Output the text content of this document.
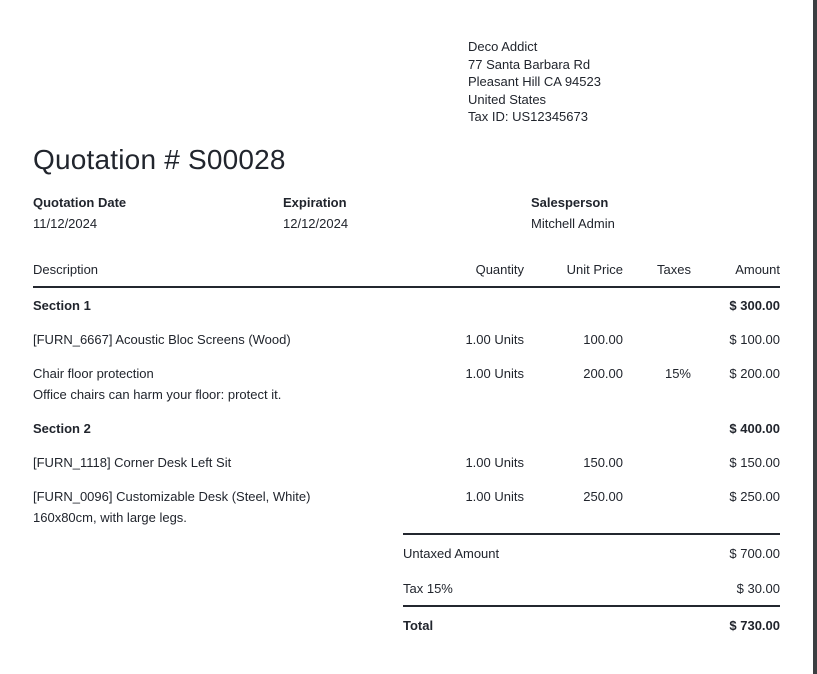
Deco Addict
77 Santa Barbara Rd
Pleasant Hill CA 94523
United States
Tax ID: US12345673
Quotation # S00028
Quotation Date
11/12/2024
Expiration
12/12/2024
Salesperson
Mitchell Admin
Description	Quantity	Unit Price	Taxes	Amount
Section 1				$ 300.00

[FURN_6667] Acoustic Bloc Screens (Wood)	1.00 Units	100.00		$ 100.00

Chair floor protection
Office chairs can harm your floor: protect it.	1.00 Units	200.00	15%	$ 200.00
Section 2				$ 400.00

[FURN_1118] Corner Desk Left Sit	1.00 Units	150.00		$ 150.00

[FURN_0096] Customizable Desk (Steel, White)
160x80cm, with large legs.	1.00 Units	250.00		$ 250.00
Untaxed Amount	$ 700.00
Tax 15%	$ 30.00
Total	$ 730.00
